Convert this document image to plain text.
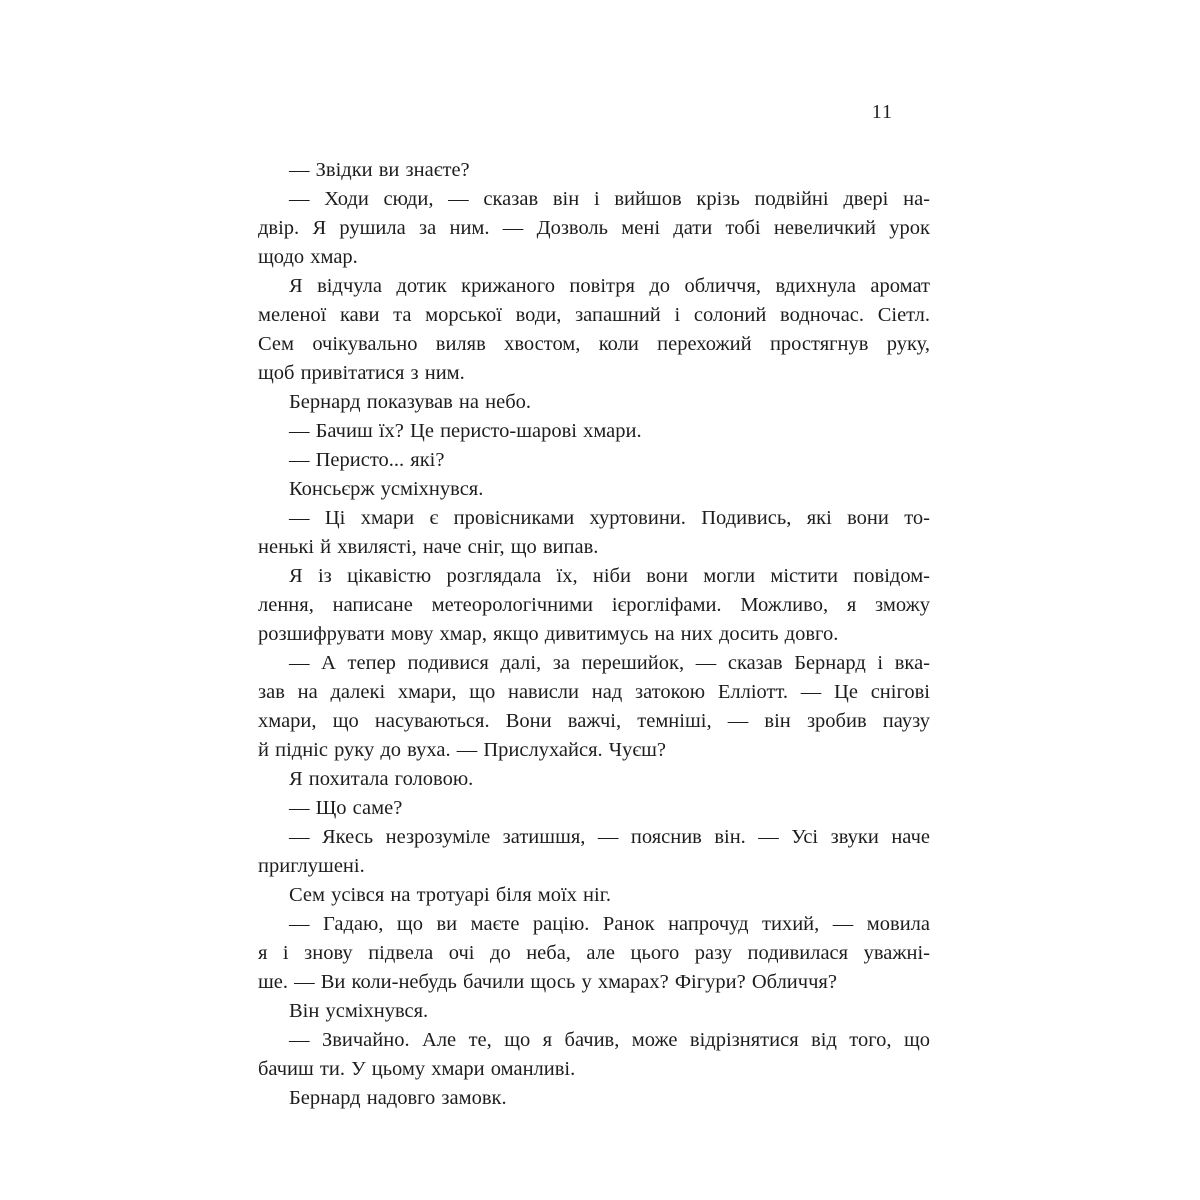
11
— Звідки ви знаєте?
— Ходи сюди, — сказав він і вийшов крізь подвійні двері на-
двір. Я рушила за ним. — Дозволь мені дати тобі невеличкий урок
щодо хмар.
Я відчула дотик крижаного повітря до обличчя, вдихнула аромат
меленої кави та морської води, запашний і солоний водночас. Сіетл.
Сем очікувально виляв хвостом, коли перехожий простягнув руку,
щоб привітатися з ним.
Бернард показував на небо.
— Бачиш їх? Це перисто-шарові хмари.
— Перисто... які?
Консьєрж усміхнувся.
— Ці хмари є провісниками хуртовини. Подивись, які вони то-
ненькі й хвилясті, наче сніг, що випав.
Я із цікавістю розглядала їх, ніби вони могли містити повідом-
лення, написане метеорологічними ієрогліфами. Можливо, я зможу
розшифрувати мову хмар, якщо дивитимусь на них досить довго.
— А тепер подивися далі, за перешийок, — сказав Бернард і вка-
зав на далекі хмари, що нависли над затокою Елліотт. — Це снігові
хмари, що насуваються. Вони важчі, темніші, — він зробив паузу
й підніс руку до вуха. — Прислухайся. Чуєш?
Я похитала головою.
— Що саме?
— Якесь незрозуміле затишшя, — пояснив він. — Усі звуки наче
приглушені.
Сем усівся на тротуарі біля моїх ніг.
— Гадаю, що ви маєте рацію. Ранок напрочуд тихий, — мовила
я і знову підвела очі до неба, але цього разу подивилася уважні-
ше. — Ви коли-небудь бачили щось у хмарах? Фігури? Обличчя?
Він усміхнувся.
— Звичайно. Але те, що я бачив, може відрізнятися від того, що
бачиш ти. У цьому хмари оманливі.
Бернард надовго замовк.
